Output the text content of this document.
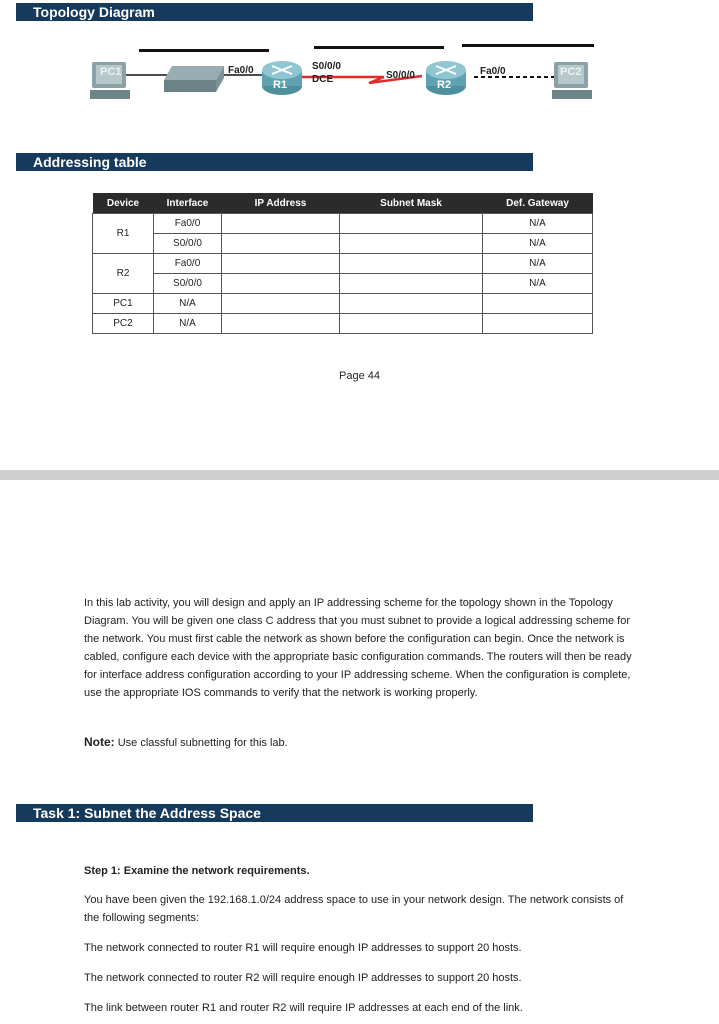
Topology Diagram
PC1	PC2
R1	R2
Fa0/0	S0/0/0
DCE	S0/0/0	Fa0/0
Addressing table
Device	Interface	IP Address	Subnet Mask	Def. Gateway
R1	Fa0/0			N/A
	S0/0/0			N/A
R2	Fa0/0			N/A
	S0/0/0			N/A
PC1	N/A			
PC2	N/A			
Page 44
In this lab activity, you will design and apply an IP addressing scheme for the topology shown in the Topology Diagram. You will be given one class C address that you must subnet to provide a logical addressing scheme for the network. You must first cable the network as shown before the configuration can begin. Once the network is cabled, configure each device with the appropriate basic configuration commands. The routers will then be ready for interface address configuration according to your IP addressing scheme. When the configuration is complete, use the appropriate IOS commands to verify that the network is working properly.
Note: Use classful subnetting for this lab.
Task 1: Subnet the Address Space
Step 1: Examine the network requirements.
You have been given the 192.168.1.0/24 address space to use in your network design. The network consists of the following segments:
The network connected to router R1 will require enough IP addresses to support 20 hosts.
The network connected to router R2 will require enough IP addresses to support 20 hosts.
The link between router R1 and router R2 will require IP addresses at each end of the link.
